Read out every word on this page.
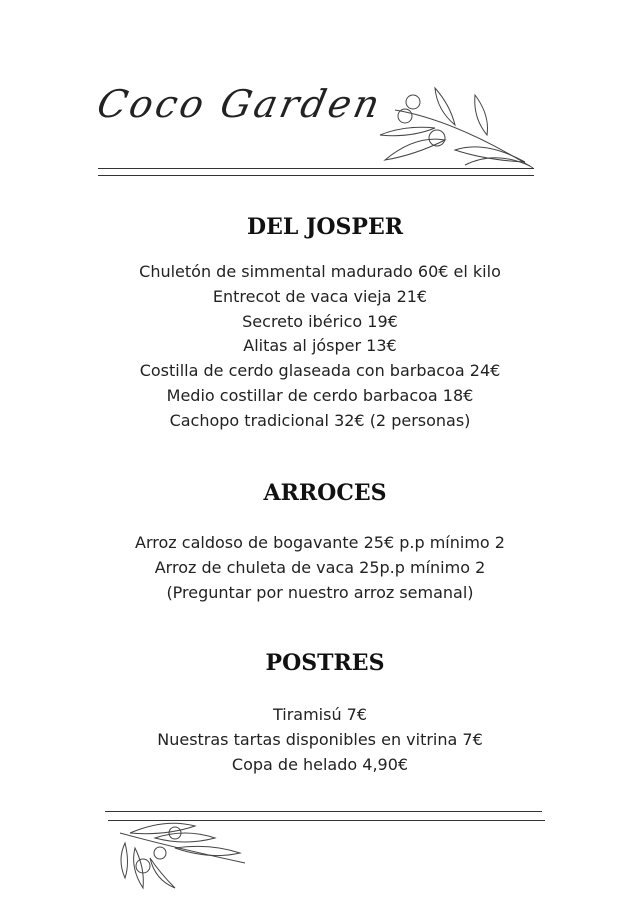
Coco Garden
DEL JOSPER
Chuletón de simmental madurado 60€ el kilo
Entrecot de vaca vieja 21€
Secreto ibérico 19€
Alitas al jósper 13€
Costilla de cerdo glaseada con barbacoa 24€
Medio costillar de cerdo barbacoa 18€
Cachopo tradicional 32€ (2 personas)
ARROCES
Arroz caldoso de bogavante 25€ p.p mínimo 2
Arroz de chuleta de vaca 25p.p mínimo 2
(Preguntar por nuestro arroz semanal)
POSTRES
Tiramisú 7€
Nuestras tartas disponibles en vitrina 7€
Copa de helado 4,90€
